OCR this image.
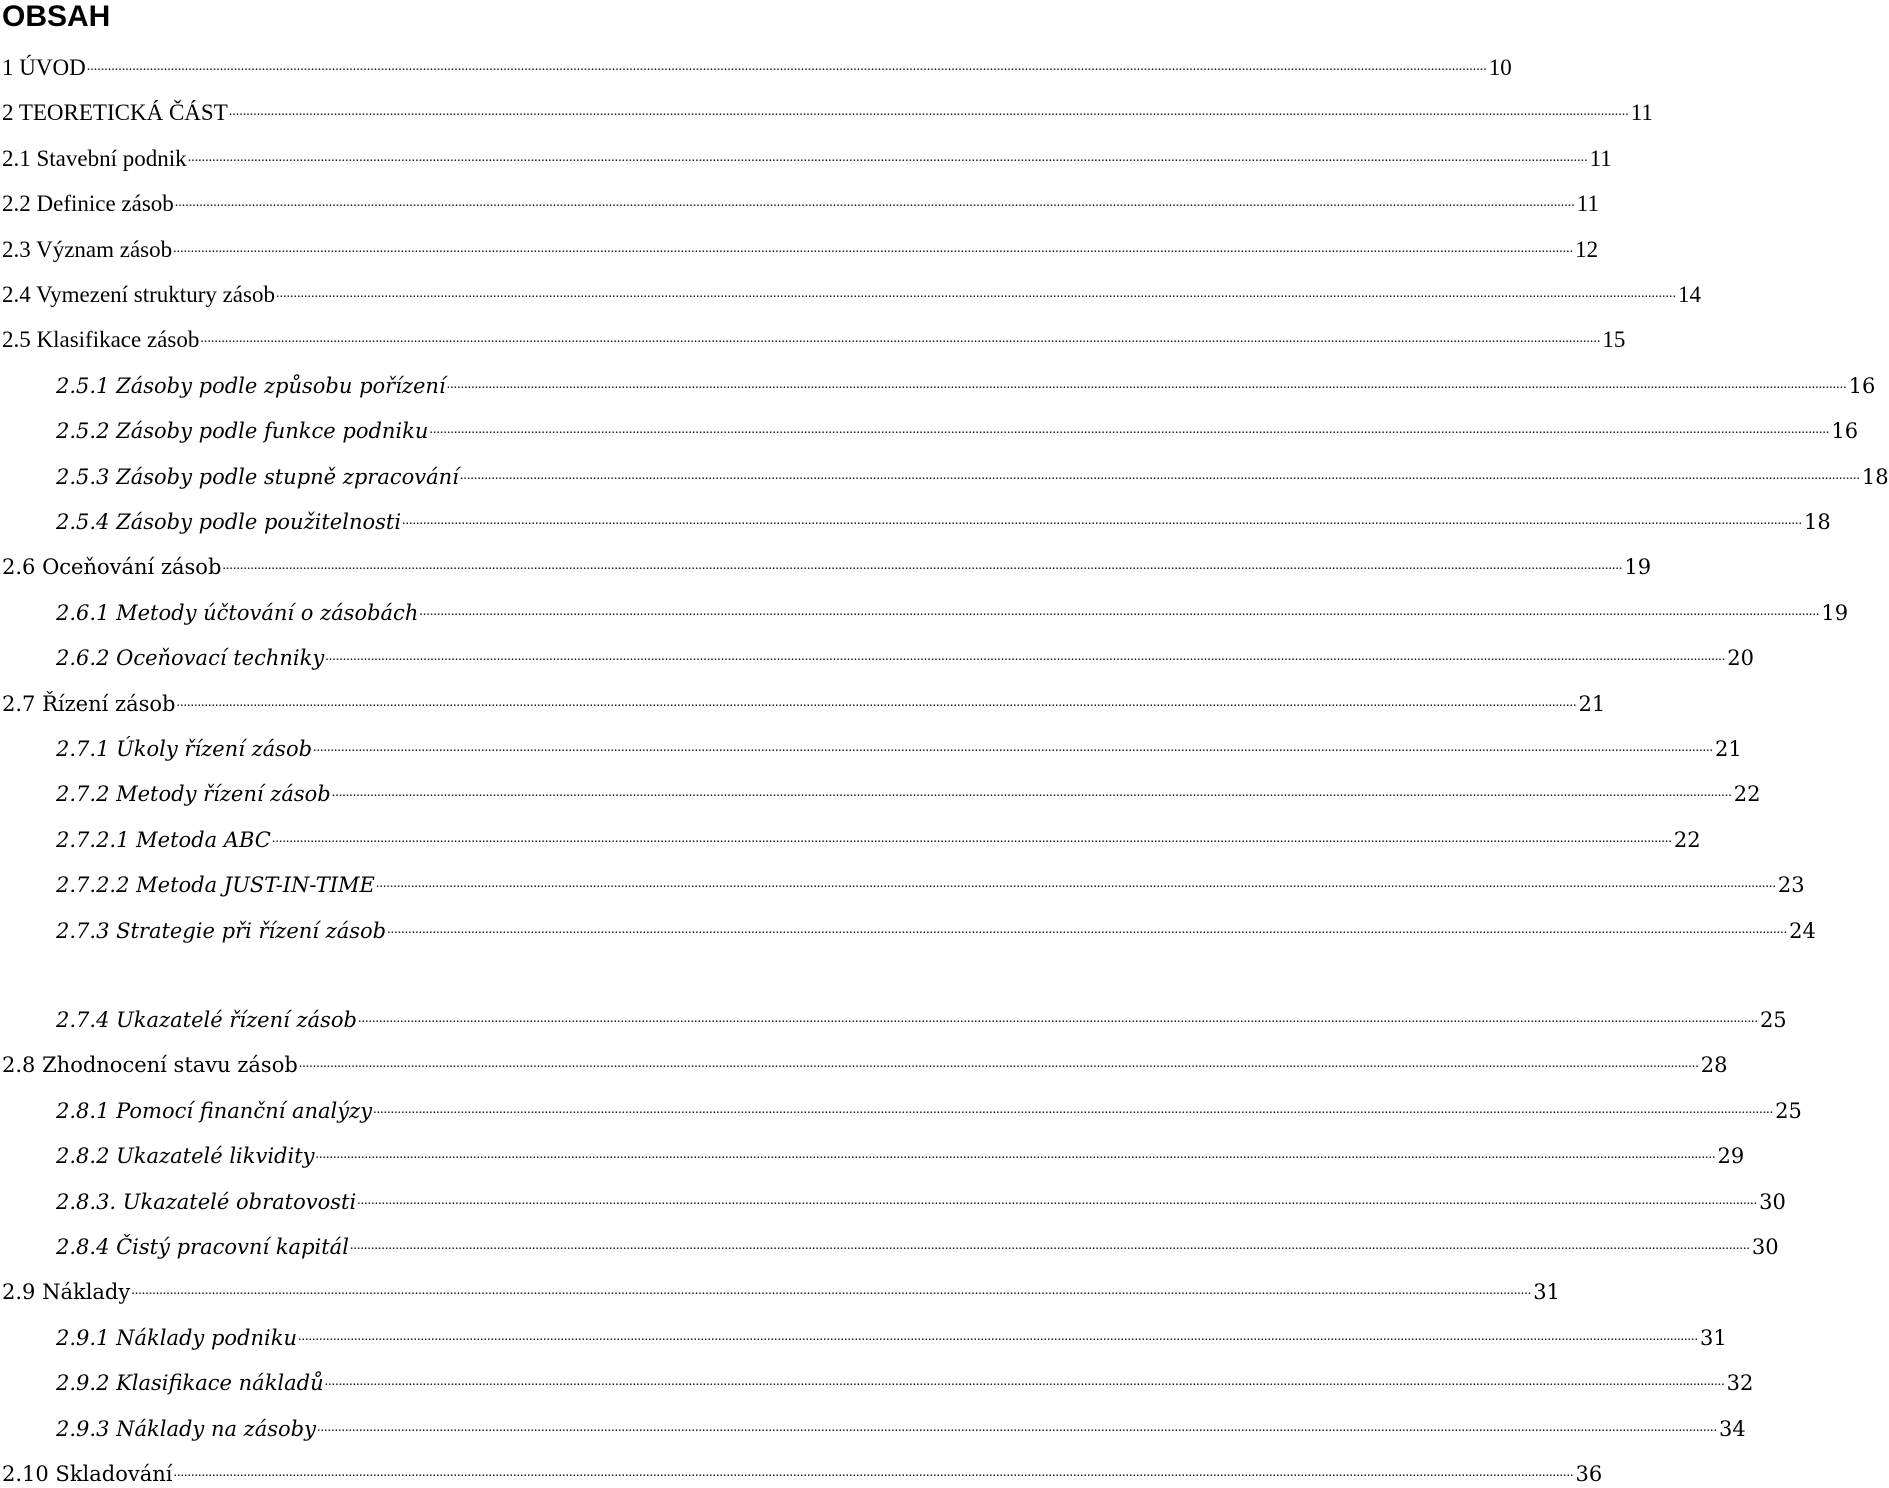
OBSAH
1 ÚVOD ................................................................................................................................................................................................................................................................................................................................................................................................................ 10
2 TEORETICKÁ ČÁST ................................................................................................................................................................................................................................................................................................................................................................................................................ 11
2.1 Stavební podnik ................................................................................................................................................................................................................................................................................................................................................................................................................ 11
2.2 Definice zásob ................................................................................................................................................................................................................................................................................................................................................................................................................ 11
2.3 Význam zásob ................................................................................................................................................................................................................................................................................................................................................................................................................ 12
2.4 Vymezení struktury zásob ................................................................................................................................................................................................................................................................................................................................................................................................................ 14
2.5 Klasifikace zásob ................................................................................................................................................................................................................................................................................................................................................................................................................ 15
2.5.1 Zásoby podle způsobu pořízení ................................................................................................................................................................................................................................................................................................................................................................................................................ 16
2.5.2 Zásoby podle funkce podniku ................................................................................................................................................................................................................................................................................................................................................................................................................ 16
2.5.3 Zásoby podle stupně zpracování ................................................................................................................................................................................................................................................................................................................................................................................................................ 18
2.5.4 Zásoby podle použitelnosti ................................................................................................................................................................................................................................................................................................................................................................................................................ 18
2.6 Oceňování zásob ................................................................................................................................................................................................................................................................................................................................................................................................................ 19
2.6.1 Metody účtování o zásobách ................................................................................................................................................................................................................................................................................................................................................................................................................ 19
2.6.2 Oceňovací techniky ................................................................................................................................................................................................................................................................................................................................................................................................................ 20
2.7 Řízení zásob ................................................................................................................................................................................................................................................................................................................................................................................................................ 21
2.7.1 Úkoly řízení zásob ................................................................................................................................................................................................................................................................................................................................................................................................................ 21
2.7.2 Metody řízení zásob ................................................................................................................................................................................................................................................................................................................................................................................................................ 22
2.7.2.1 Metoda ABC ................................................................................................................................................................................................................................................................................................................................................................................................................ 22
2.7.2.2 Metoda JUST-IN-TIME ................................................................................................................................................................................................................................................................................................................................................................................................................ 23
2.7.3 Strategie při řízení zásob ................................................................................................................................................................................................................................................................................................................................................................................................................ 24
2.7.4 Ukazatelé řízení zásob ................................................................................................................................................................................................................................................................................................................................................................................................................ 25
2.8 Zhodnocení stavu zásob ................................................................................................................................................................................................................................................................................................................................................................................................................ 28
2.8.1 Pomocí finanční analýzy ................................................................................................................................................................................................................................................................................................................................................................................................................ 25
2.8.2 Ukazatelé likvidity ................................................................................................................................................................................................................................................................................................................................................................................................................ 29
2.8.3. Ukazatelé obratovosti ................................................................................................................................................................................................................................................................................................................................................................................................................ 30
2.8.4 Čistý pracovní kapitál ................................................................................................................................................................................................................................................................................................................................................................................................................ 30
2.9 Náklady ................................................................................................................................................................................................................................................................................................................................................................................................................ 31
2.9.1 Náklady podniku ................................................................................................................................................................................................................................................................................................................................................................................................................ 31
2.9.2 Klasifikace nákladů ................................................................................................................................................................................................................................................................................................................................................................................................................ 32
2.9.3 Náklady na zásoby ................................................................................................................................................................................................................................................................................................................................................................................................................ 34
2.10 Skladování ................................................................................................................................................................................................................................................................................................................................................................................................................ 36
